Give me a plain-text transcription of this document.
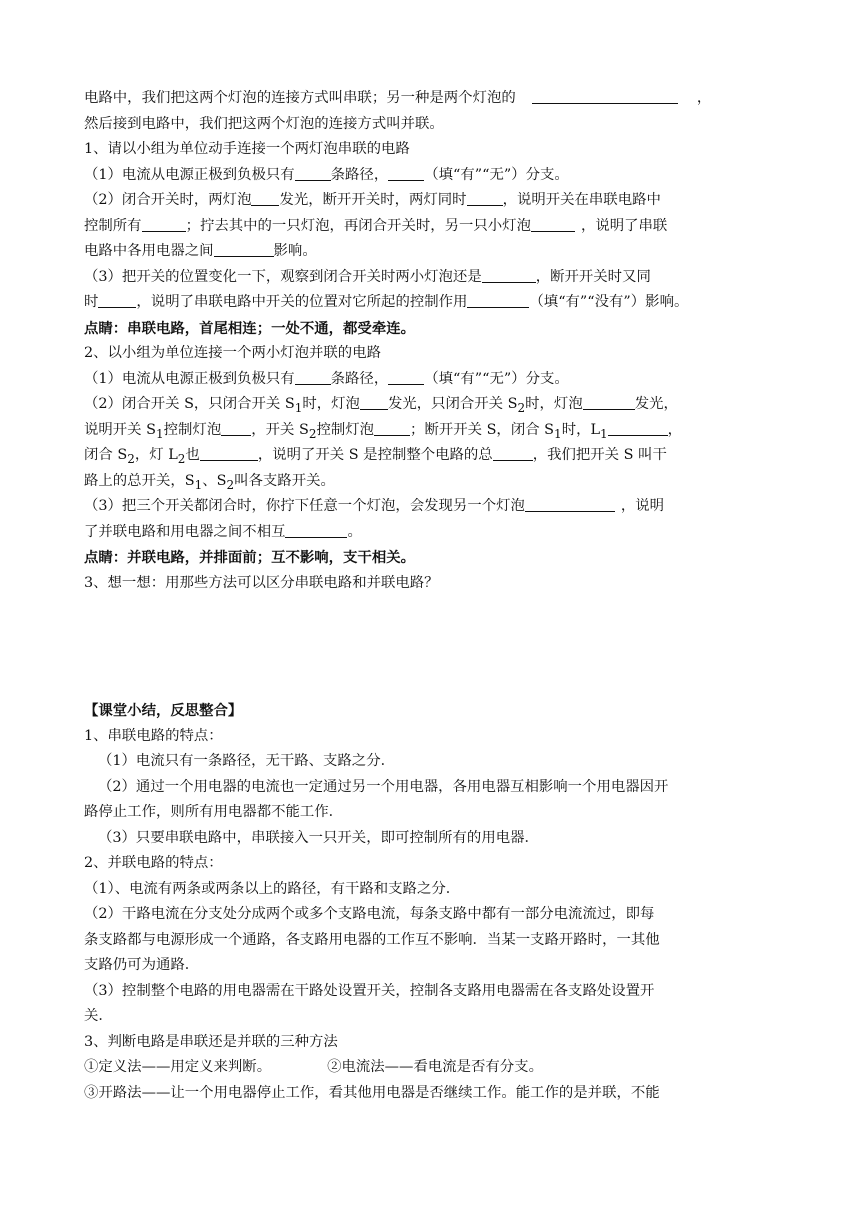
电路中，我们把这两个灯泡的连接方式叫串联；另一种是两个灯泡的	，
然后接到电路中，我们把这两个灯泡的连接方式叫并联。
1、请以小组为单位动手连接一个两灯泡串联的电路
（1）电流从电源正极到负极只有	条路径，	（填“有”“无”）分支。
（2）闭合开关时，两灯泡 发光，断开开关时，两灯同时	，说明开关在串联电路中
控制所有	；拧去其中的一只灯泡，再闭合开关时，另一只小灯泡	，说明了串联
电路中各用电器之间	影响。
（3）把开关的位置变化一下，观察到闭合开关时两小灯泡还是	，断开开关时又同
时	，说明了串联电路中开关的位置对它所起的控制作用	（填“有”“没有”）影响。
点睛：串联电路，首尾相连；一处不通，都受牵连。
2、以小组为单位连接一个两小灯泡并联的电路
（1）电流从电源正极到负极只有	条路径，	（填“有”“无”）分支。
（2）闭合开关 S，只闭合开关 $S_1$时，灯泡 发光，只闭合开关 $S_2$时，灯泡	发光，
说明开关 $S_1$控制灯泡 ，开关 $S_2$控制灯泡	；断开开关 S，闭合 $S_1$时，$L_1$	，
闭合 $S_2$，灯 $L_2$也	，说明了开关 S 是控制整个电路的总	，我们把开关 S 叫干
路上的总开关，$S_1$、$S_2$叫各支路开关。
（3）把三个开关都闭合时，你拧下任意一个灯泡，会发现另一个灯泡	，说明
了并联电路和用电器之间不相互	。
点睛：并联电路，并排面前；互不影响，支干相关。
3、想一想：用那些方法可以区分串联电路和并联电路？
【课堂小结，反思整合】
1、串联电路的特点：
（1）电流只有一条路径，无干路、支路之分．
（2）通过一个用电器的电流也一定通过另一个用电器，各用电器互相影响一个用电器因开
路停止工作，则所有用电器都不能工作．
（3）只要串联电路中，串联接入一只开关，即可控制所有的用电器．
2、并联电路的特点：
（1）、电流有两条或两条以上的路径，有干路和支路之分．
（2）干路电流在分支处分成两个或多个支路电流，每条支路中都有一部分电流流过，即每
条支路都与电源形成一个通路，各支路用电器的工作互不影响．当某一支路开路时，一其他
支路仍可为通路．
（3）控制整个电路的用电器需在干路处设置开关，控制各支路用电器需在各支路处设置开
关．
3、判断电路是串联还是并联的三种方法
①定义法——用定义来判断。	②电流法——看电流是否有分支。
③开路法——让一个用电器停止工作，看其他用电器是否继续工作。能工作的是并联，不能
